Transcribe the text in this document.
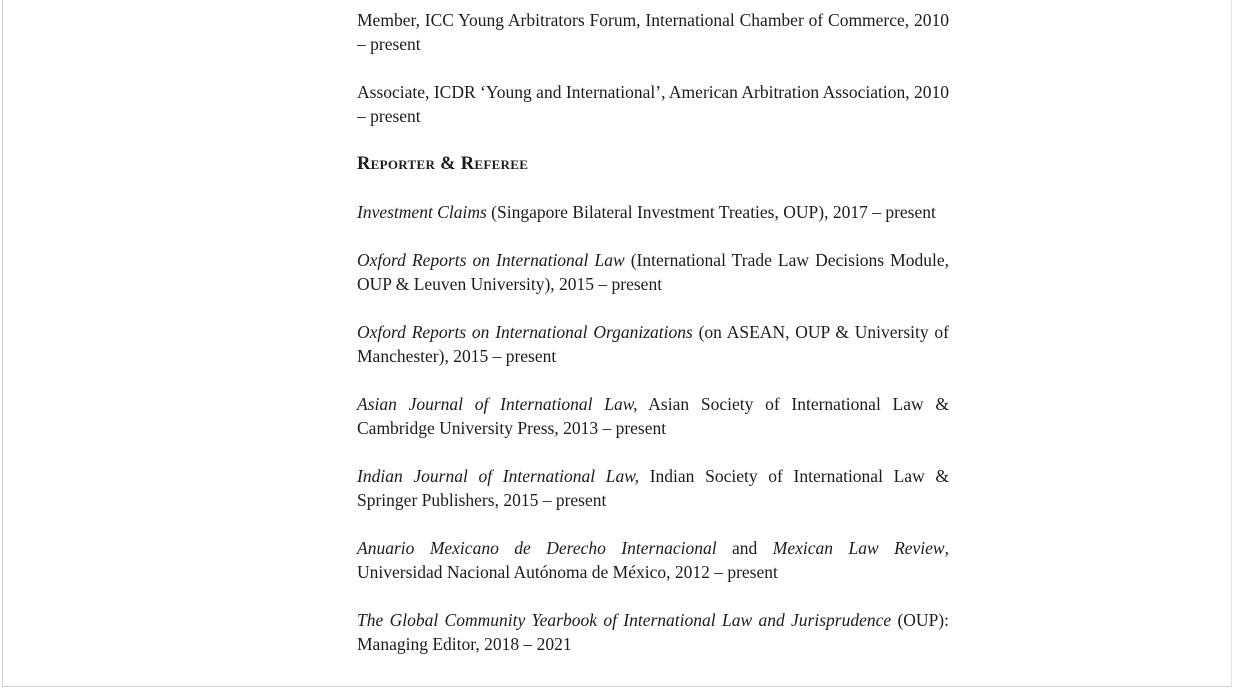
Member, ICC Young Arbitrators Forum, International Chamber of Commerce, 2010 – present

Associate, ICDR ‘Young and International’, American Arbitration Association, 2010 – present

Reporter & Referee

Investment Claims (Singapore Bilateral Investment Treaties, OUP), 2017 – present

Oxford Reports on International Law (International Trade Law Decisions Module, OUP & Leuven University), 2015 – present

Oxford Reports on International Organizations (on ASEAN, OUP & University of Manchester), 2015 – present

Asian Journal of International Law, Asian Society of International Law & Cambridge University Press, 2013 – present

Indian Journal of International Law, Indian Society of International Law & Springer Publishers, 2015 – present

Anuario Mexicano de Derecho Internacional and Mexican Law Review, Universidad Nacional Autónoma de México, 2012 – present

The Global Community Yearbook of International Law and Jurisprudence (OUP): Managing Editor, 2018 – 2021
